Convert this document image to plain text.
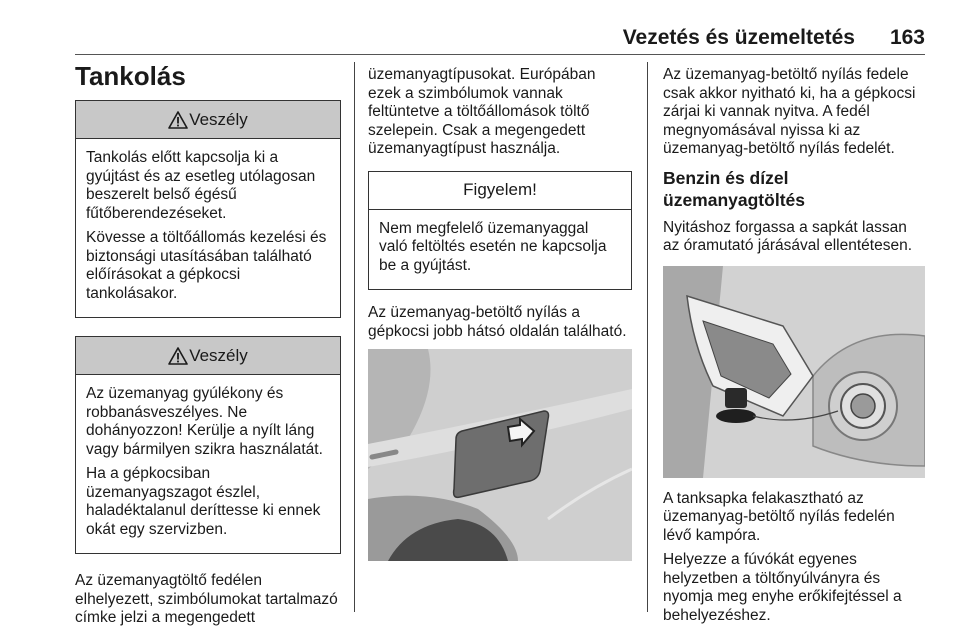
Vezetés és üzemeltetés 163
Tankolás
Veszély

Tankolás előtt kapcsolja ki a gyújtást és az esetleg utólagosan beszerelt belső égésű fűtőberendezéseket.

Kövesse a töltőállomás kezelési és biztonsági utasításában található előírásokat a gépkocsi tankolásakor.

Veszély

Az üzemanyag gyúlékony és robbanásveszélyes. Ne dohányozzon! Kerülje a nyílt láng vagy bármilyen szikra használatát.

Ha a gépkocsiban üzemanyagszagot észlel, haladéktalanul deríttesse ki ennek okát egy szervizben.

Az üzemanyagtöltő fedélen elhelyezett, szimbólumokat tartalmazó címke jelzi a megengedett

üzemanyagtípusokat. Európában ezek a szimbólumok vannak feltüntetve a töltőállomások töltő szelepein. Csak a megengedett üzemanyagtípust használja.

Figyelem!

Nem megfelelő üzemanyaggal való feltöltés esetén ne kapcsolja be a gyújtást.

Az üzemanyag-betöltő nyílás a gépkocsi jobb hátsó oldalán található.

Az üzemanyag-betöltő nyílás fedele csak akkor nyitható ki, ha a gépkocsi zárjai ki vannak nyitva. A fedél megnyomásával nyissa ki az üzemanyag-betöltő nyílás fedelét.

Benzin és dízel üzemanyagtöltés

Nyitáshoz forgassa a sapkát lassan az óramutató járásával ellentétesen.

A tanksapka felakasztható az üzemanyag-betöltő nyílás fedelén lévő kampóra.

Helyezze a fúvókát egyenes helyzetben a töltőnyúlványra és nyomja meg enyhe erőkifejtéssel a behelyezéshez.
